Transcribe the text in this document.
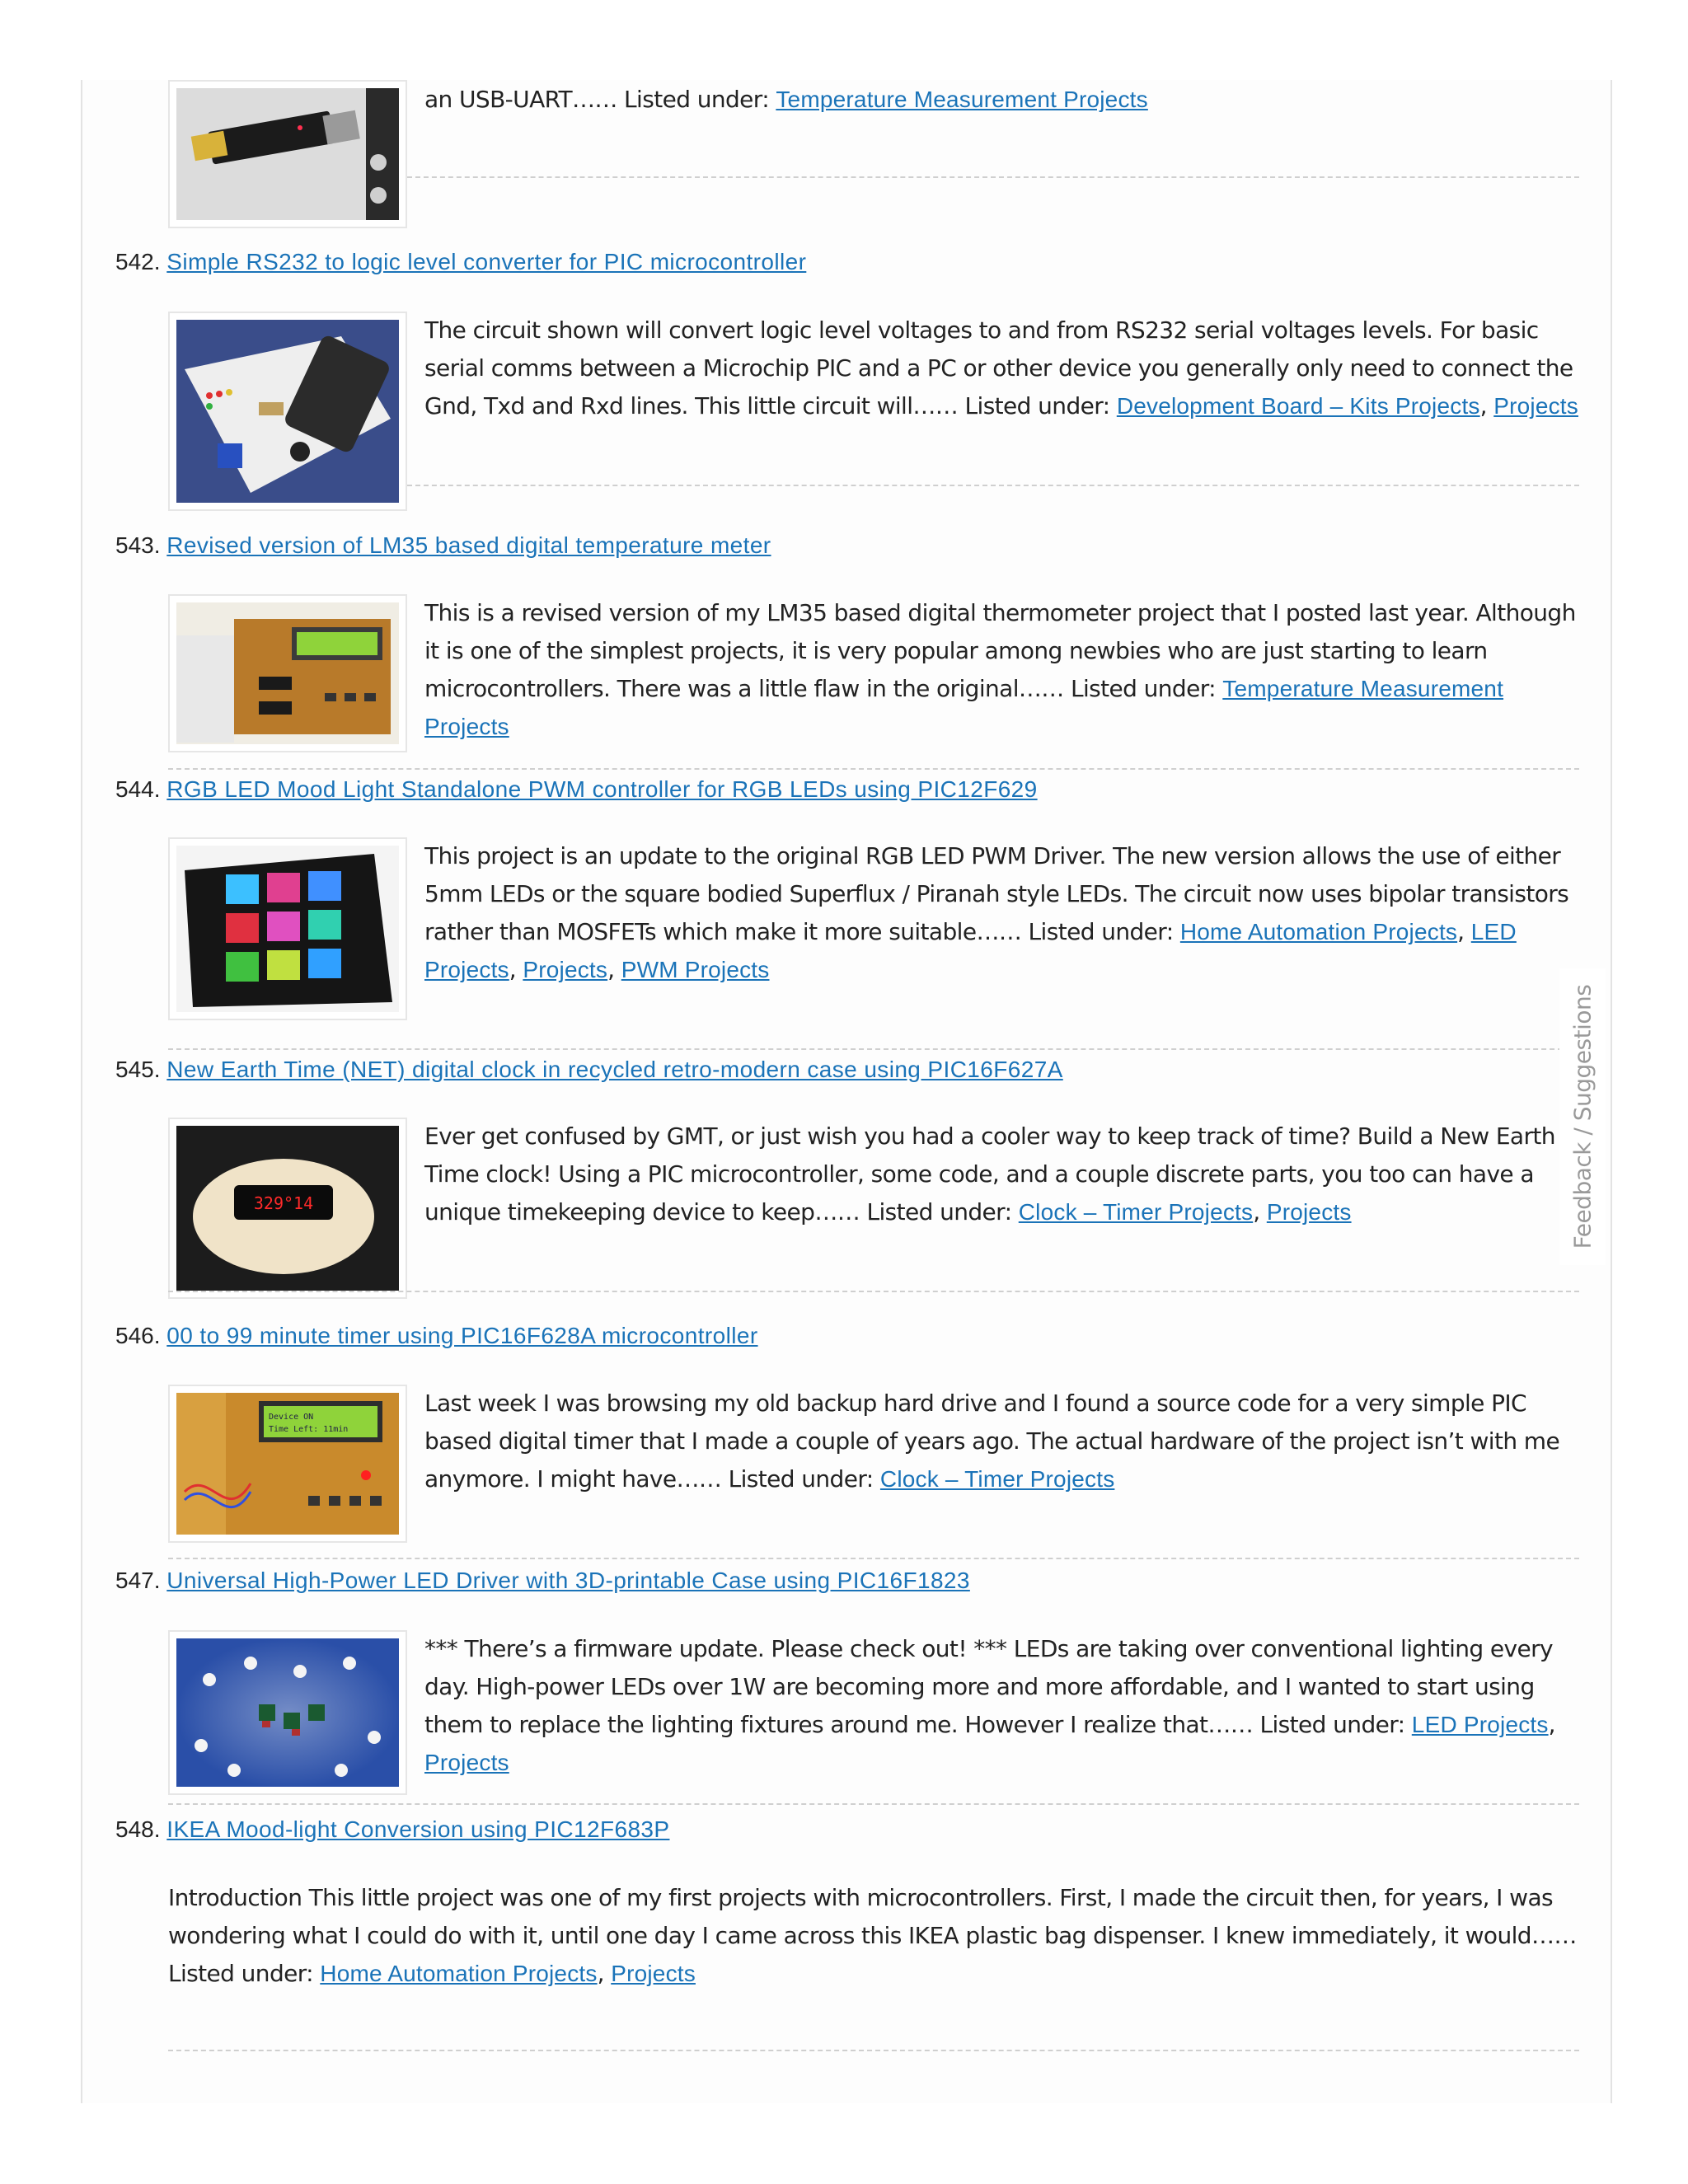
an USB-UART…… Listed under: Temperature Measurement Projects
542. Simple RS232 to logic level converter for PIC microcontroller
The circuit shown will convert logic level voltages to and from RS232 serial voltages levels. For basic serial comms between a Microchip PIC and a PC or other device you generally only need to connect the Gnd, Txd and Rxd lines. This little circuit will…… Listed under: Development Board – Kits Projects, Projects
543. Revised version of LM35 based digital temperature meter
This is a revised version of my LM35 based digital thermometer project that I posted last year. Although it is one of the simplest projects, it is very popular among newbies who are just starting to learn microcontrollers. There was a little flaw in the original…… Listed under: Temperature Measurement Projects
544. RGB LED Mood Light Standalone PWM controller for RGB LEDs using PIC12F629
This project is an update to the original RGB LED PWM Driver. The new version allows the use of either 5mm LEDs or the square bodied Superflux / Piranah style LEDs. The circuit now uses bipolar transistors rather than MOSFETs which make it more suitable…… Listed under: Home Automation Projects, LED Projects, Projects, PWM Projects
545. New Earth Time (NET) digital clock in recycled retro-modern case using PIC16F627A
329°14
Ever get confused by GMT, or just wish you had a cooler way to keep track of time? Build a New Earth Time clock! Using a PIC microcontroller, some code, and a couple discrete parts, you too can have a unique timekeeping device to keep…… Listed under: Clock – Timer Projects, Projects
546. 00 to 99 minute timer using PIC16F628A microcontroller
Device ON
Time Left: 11min
Last week I was browsing my old backup hard drive and I found a source code for a very simple PIC based digital timer that I made a couple of years ago. The actual hardware of the project isn’t with me anymore. I might have…… Listed under: Clock – Timer Projects
547. Universal High-Power LED Driver with 3D-printable Case using PIC16F1823
*** There’s a firmware update. Please check out! *** LEDs are taking over conventional lighting every day. High-power LEDs over 1W are becoming more and more affordable, and I wanted to start using them to replace the lighting fixtures around me. However I realize that…… Listed under: LED Projects, Projects
548. IKEA Mood-light Conversion using PIC12F683P
Introduction This little project was one of my first projects with microcontrollers. First, I made the circuit then, for years, I was wondering what I could do with it, until one day I came across this IKEA plastic bag dispenser. I knew immediately, it would…… Listed under: Home Automation Projects, Projects
Feedback / Suggestions
